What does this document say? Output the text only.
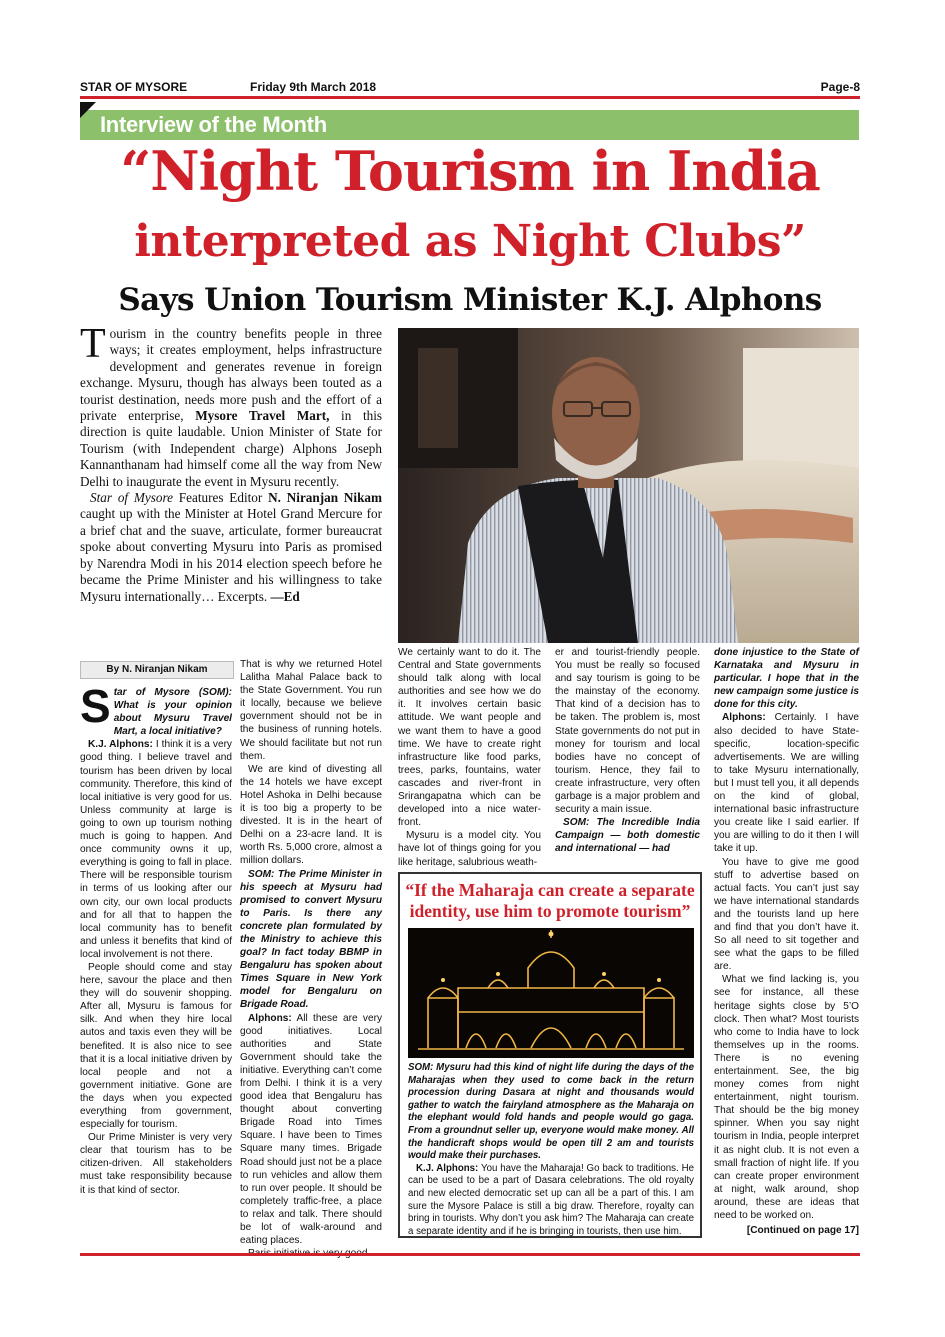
STAR OF MYSORE	Friday 9th March 2018	Page-8
Interview of the Month
“Night Tourism in India
interpreted as Night Clubs”
Says Union Tourism Minister K.J. Alphons

Tourism in the country benefits people in three ways; it creates employment, helps infrastructure development and generates revenue in foreign exchange. Mysuru, though has always been touted as a tourist destination, needs more push and the effort of a private enterprise, Mysore Travel Mart, in this direction is quite laudable. Union Minister of State for Tourism (with Independent charge) Alphons Joseph Kannanthanam had himself come all the way from New Delhi to inaugurate the event in Mysuru recently.

Star of Mysore Features Editor N. Niranjan Nikam caught up with the Minister at Hotel Grand Mercure for a brief chat and the suave, articulate, former bureaucrat spoke about converting Mysuru into Paris as promised by Narendra Modi in his 2014 election speech before he became the Prime Minister and his willingness to take Mysuru internationally… Excerpts. —Ed

By N. Niranjan Nikam

Star of Mysore (SOM): What is your opinion about Mysuru Travel Mart, a local initiative?

K.J. Alphons: I think it is a very good thing. I believe travel and tourism has been driven by local community. Therefore, this kind of local initiative is very good for us. Unless community at large is going to own up tourism nothing much is going to happen. And once community owns it up, everything is going to fall in place. There will be responsible tourism in terms of us looking after our own city, our own local products and for all that to happen the local community has to benefit and unless it benefits that kind of local involvement is not there.

People should come and stay here, savour the place and then they will do souvenir shopping. After all, Mysuru is famous for silk. And when they hire local autos and taxis even they will be benefited. It is also nice to see that it is a local initiative driven by local people and not a government initiative. Gone are the days when you expected everything from government, especially for tourism.

Our Prime Minister is very very clear that tourism has to be citizen-driven. All stakeholders must take responsibility because it is that kind of sector.

That is why we returned Hotel Lalitha Mahal Palace back to the State Government. You run it locally, because we believe government should not be in the business of running hotels. We should facilitate but not run them.

We are kind of divesting all the 14 hotels we have except Hotel Ashoka in Delhi because it is too big a property to be divested. It is in the heart of Delhi on a 23-acre land. It is worth Rs. 5,000 crore, almost a million dollars.

SOM: The Prime Minister in his speech at Mysuru had promised to convert Mysuru to Paris. Is there any concrete plan formulated by the Ministry to achieve this goal? In fact today BBMP in Bengaluru has spoken about Times Square in New York model for Bengaluru on Brigade Road.

Alphons: All these are very good initiatives. Local authorities and State Government should take the initiative. Everything can’t come from Delhi. I think it is a very good idea that Bengaluru has thought about converting Brigade Road into Times Square. I have been to Times Square many times. Brigade Road should just not be a place to run vehicles and allow them to run over people. It should be completely traffic-free, a place to relax and talk. There should be lot of walk-around and eating places.

We certainly want to do it. The Central and State governments should talk along with local authorities and see how we do it. It involves certain basic attitude. We want people and we want them to have a good time. We have to create right infrastructure like food parks, trees, parks, fountains, water cascades and river-front in Srirangapatna which can be developed into a nice water-front.

Mysuru is a model city. You have lot of things going for you like heritage, salubrious weath-

er and tourist-friendly people. You must be really so focused and say tourism is going to be the mainstay of the economy. That kind of a decision has to be taken. The problem is, most State governments do not put in money for tourism and local bodies have no concept of tourism. Hence, they fail to create infrastructure, very often garbage is a major problem and security a main issue.

SOM: The Incredible India Campaign — both domestic and international — had

done injustice to the State of Karnataka and Mysuru in particular. I hope that in the new campaign some justice is done for this city.

Alphons: Certainly. I have also decided to have State-specific, location-specific advertisements. We are willing to take Mysuru internationally, but I must tell you, it all depends on the kind of global, international basic infrastructure you create like I said earlier. If you are willing to do it then I will take it up.

You have to give me good stuff to advertise based on actual facts. You can’t just say we have international standards and the tourists land up here and find that you don’t have it. So all need to sit together and see what the gaps to be filled are.

What we find lacking is, you see for instance, all these heritage sights close by 5’O clock. Then what? Most tourists who come to India have to lock themselves up in the rooms. There is no evening entertainment. See, the big money comes from night entertainment, night tourism. That should be the big money spinner. When you say night tourism in India, people interpret it as night club. It is not even a small fraction of night life. If you can create proper environment at night, walk around, shop around, these are ideas that need to be worked on.

[Continued on page 17]

“If the Maharaja can create a separate
identity, use him to promote tourism”

SOM: Mysuru had this kind of night life during the days of the Maharajas when they used to come back in the return procession during Dasara at night and thousands would gather to watch the fairyland atmosphere as the Maharaja on the elephant would fold hands and people would go gaga. From a groundnut seller up, everyone would make money. All the handicraft shops would be open till 2 am and tourists would make their purchases.

K.J. Alphons: You have the Maharaja! Go back to traditions. He can be used to be a part of Dasara celebrations. The old royalty and new elected democratic set up can all be a part of this. I am sure the Mysore Palace is still a big draw. Therefore, royalty can bring in tourists. Why don’t you ask him? The Maharaja can create a separate identity and if he is bringing in tourists, then use him.
